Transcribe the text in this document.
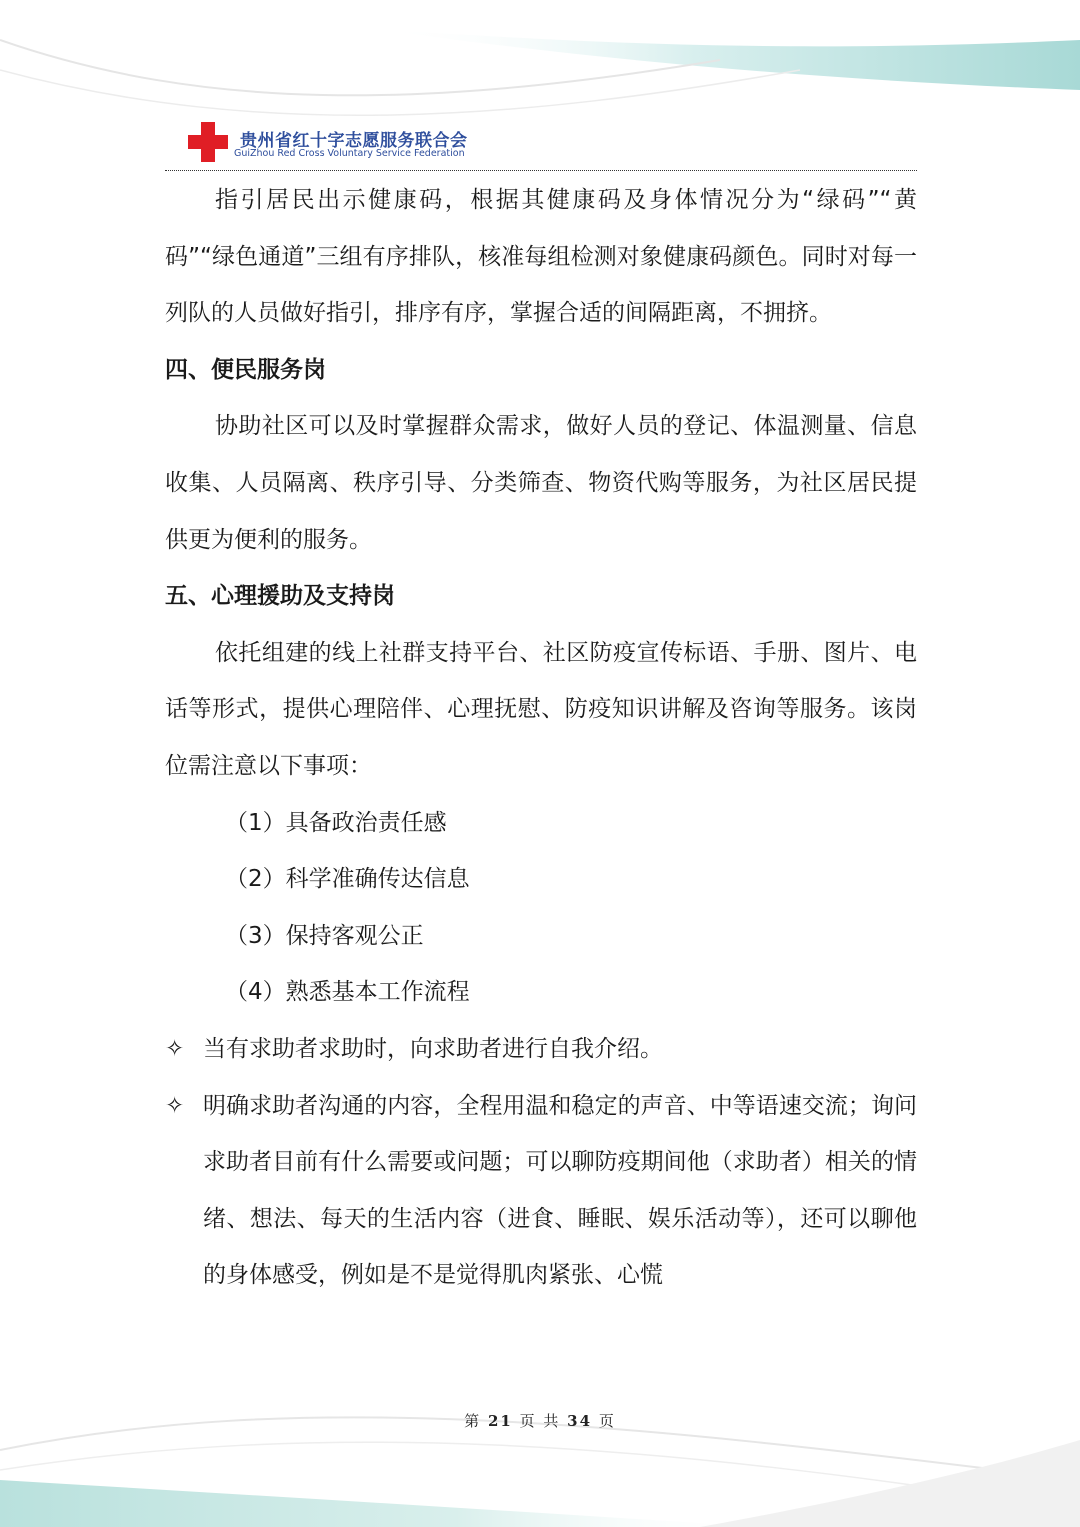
贵州省红十字志愿服务联合会
GuiZhou Red Cross Voluntary Service Federation

指引居民出示健康码，根据其健康码及身体情况分为“绿码”“黄码”“绿色通道”三组有序排队，核准每组检测对象健康码颜色。同时对每一列队的人员做好指引，排序有序，掌握合适的间隔距离，不拥挤。

四、便民服务岗

协助社区可以及时掌握群众需求，做好人员的登记、体温测量、信息收集、人员隔离、秩序引导、分类筛查、物资代购等服务，为社区居民提供更为便利的服务。

五、心理援助及支持岗

依托组建的线上社群支持平台、社区防疫宣传标语、手册、图片、电话等形式，提供心理陪伴、心理抚慰、防疫知识讲解及咨询等服务。该岗位需注意以下事项：

（1）具备政治责任感

（2）科学准确传达信息

（3）保持客观公正

（4）熟悉基本工作流程

✧ 当有求助者求助时，向求助者进行自我介绍。

✧ 明确求助者沟通的内容，全程用温和稳定的声音、中等语速交流；询问求助者目前有什么需要或问题；可以聊防疫期间他（求助者）相关的情绪、想法、每天的生活内容（进食、睡眠、娱乐活动等），还可以聊他的身体感受，例如是不是觉得肌肉紧张、心慌

第 21 页 共 34 页
